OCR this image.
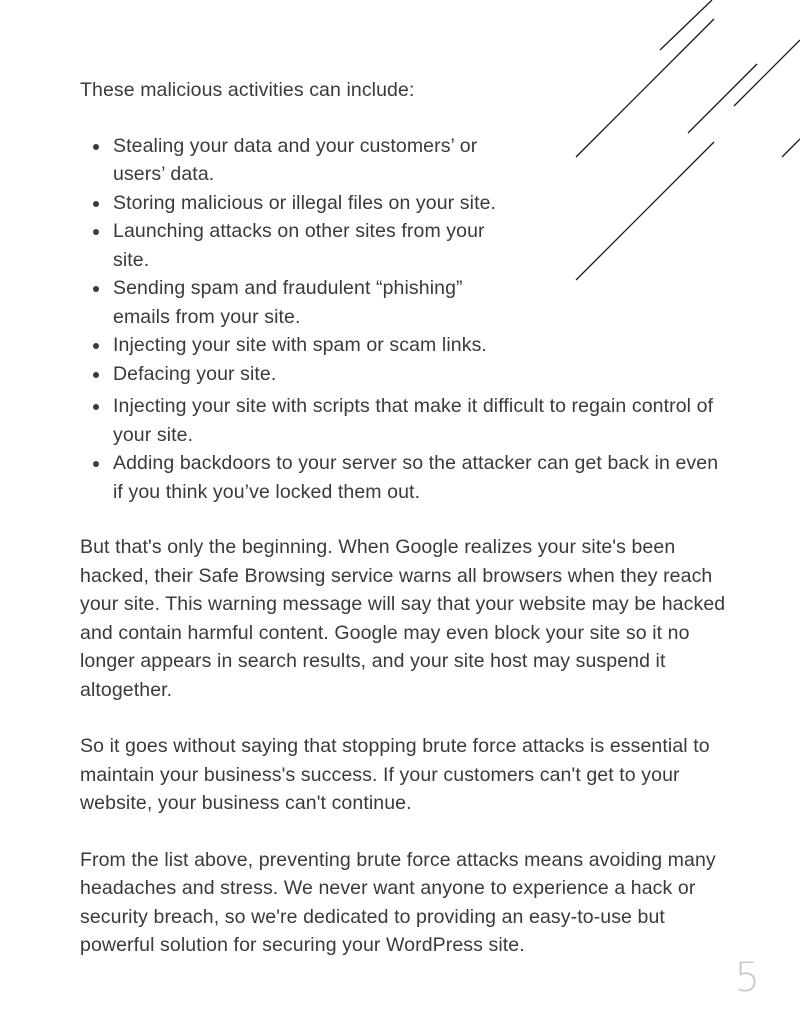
These malicious activities can include:

Stealing your data and your customers’ or users’ data.
Storing malicious or illegal files on your site.
Launching attacks on other sites from your site.
Sending spam and fraudulent “phishing” emails from your site.
Injecting your site with spam or scam links.
Defacing your site.
Injecting your site with scripts that make it difficult to regain control of your site.
Adding backdoors to your server so the attacker can get back in even if you think you’ve locked them out.

But that's only the beginning. When Google realizes your site's been hacked, their Safe Browsing service warns all browsers when they reach your site. This warning message will say that your website may be hacked and contain harmful content. Google may even block your site so it no longer appears in search results, and your site host may suspend it altogether.

So it goes without saying that stopping brute force attacks is essential to maintain your business's success. If your customers can't get to your website, your business can't continue.

From the list above, preventing brute force attacks means avoiding many headaches and stress. We never want anyone to experience a hack or security breach, so we're dedicated to providing an easy-to-use but powerful solution for securing your WordPress site.

5
